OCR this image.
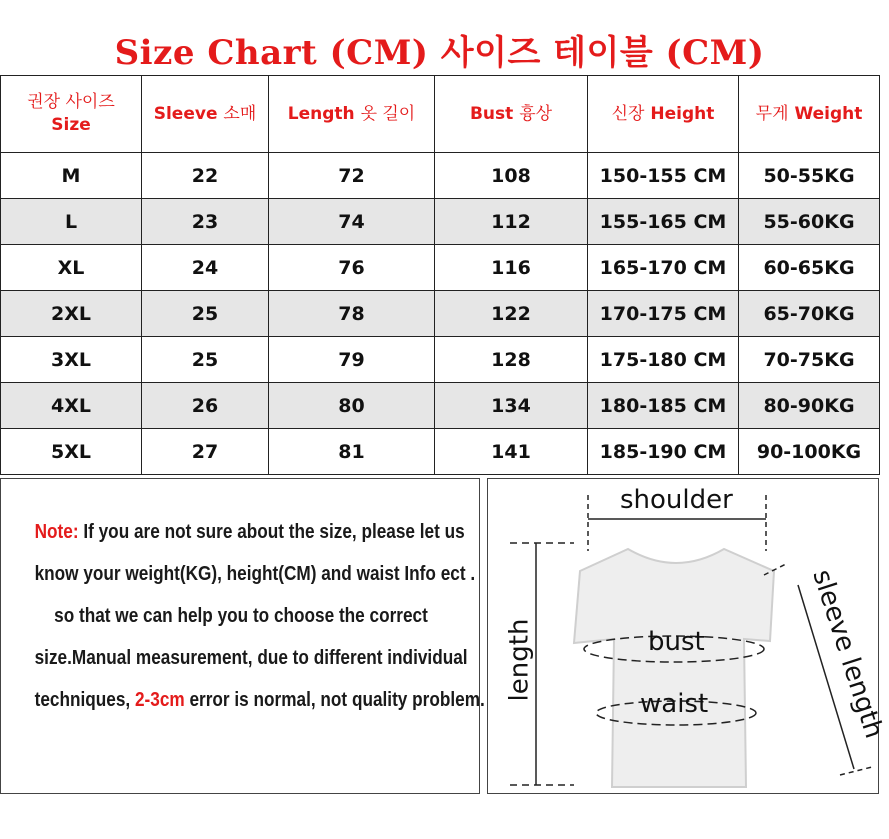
Size Chart (CM) 사이즈 테이블 (CM)
권장 사이즈
Size	Sleeve 소매	Length 옷 길이	Bust 흉상	신장 Height	무게 Weight
M	22	72	108	150-155 CM	50-55KG
L	23	74	112	155-165 CM	55-60KG
XL	24	76	116	165-170 CM	60-65KG
2XL	25	78	122	170-175 CM	65-70KG
3XL	25	79	128	175-180 CM	70-75KG
4XL	26	80	134	180-185 CM	80-90KG
5XL	27	81	141	185-190 CM	90-100KG
Note: If you are not sure about the size, please let us
know your weight(KG), height(CM) and waist Info ect .
so that we can help you to choose the correct
size.Manual measurement, due to different individual
techniques, 2-3cm error is normal, not quality problem.
shoulder
bust
waist
length	sleeve length
